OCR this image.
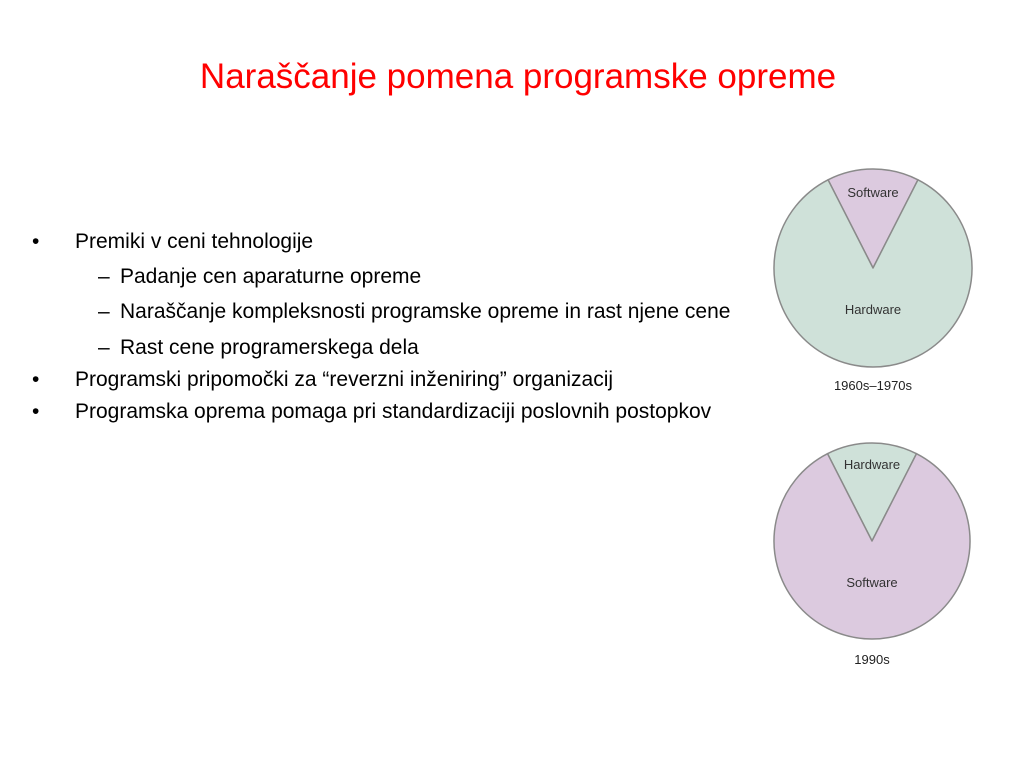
Naraščanje pomena programske opreme
• Premiki v ceni tehnologije
– Padanje cen aparaturne opreme
– Naraščanje kompleksnosti programske opreme in rast njene cene
– Rast cene programerskega dela
• Programski pripomočki za “reverzni inženiring” organizacij
• Programska oprema pomaga pri standardizaciji poslovnih postopkov
Software
Hardware
1960s–1970s
Hardware
Software
1990s
